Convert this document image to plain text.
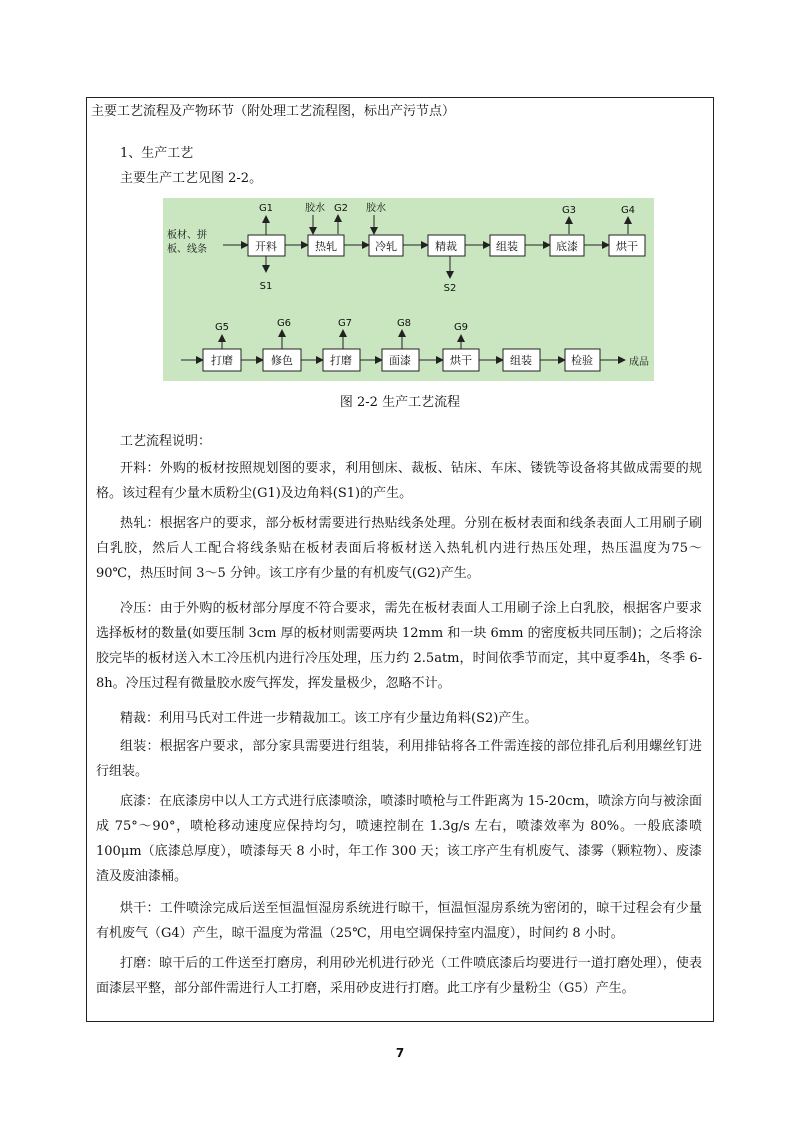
主要工艺流程及产物环节（附处理工艺流程图，标出产污节点）
1、生产工艺
主要生产工艺见图 2-2。
开料	热轧	冷轧	精裁	组装	底漆	烘干
打磨	修色	打磨	面漆	烘干	组装	检验
板材、拼
板、线条
成品
G1
S1
胶水 G2 胶水
S2
G3	G4
G5	G6	G7	G8	G9
图 2-2 生产工艺流程
工艺流程说明：
开料：外购的板材按照规划图的要求，利用刨床、裁板、钻床、车床、镂铣等设备将其做成需要的规格。该过程有少量木质粉尘(G1)及边角料(S1)的产生。
热轧：根据客户的要求，部分板材需要进行热贴线条处理。分别在板材表面和线条表面人工用刷子刷白乳胶，然后人工配合将线条贴在板材表面后将板材送入热轧机内进行热压处理，热压温度为75～90℃，热压时间 3～5 分钟。该工序有少量的有机废气(G2)产生。
冷压：由于外购的板材部分厚度不符合要求，需先在板材表面人工用刷子涂上白乳胶，根据客户要求选择板材的数量(如要压制 3cm 厚的板材则需要两块 12mm 和一块 6mm 的密度板共同压制)；之后将涂胶完毕的板材送入木工冷压机内进行冷压处理，压力约 2.5atm，时间依季节而定，其中夏季4h，冬季 6-8h。冷压过程有微量胶水废气挥发，挥发量极少，忽略不计。
精裁：利用马氏对工件进一步精裁加工。该工序有少量边角料(S2)产生。
组装：根据客户要求，部分家具需要进行组装，利用排钻将各工件需连接的部位排孔后利用螺丝钉进行组装。
底漆：在底漆房中以人工方式进行底漆喷涂，喷漆时喷枪与工件距离为 15-20cm，喷涂方向与被涂面成 75°～90°，喷枪移动速度应保持均匀，喷速控制在 1.3g/s 左右，喷漆效率为 80%。一般底漆喷 100μm（底漆总厚度），喷漆每天 8 小时，年工作 300 天；该工序产生有机废气、漆雾（颗粒物）、废漆渣及废油漆桶。
烘干：工件喷涂完成后送至恒温恒湿房系统进行晾干，恒温恒湿房系统为密闭的，晾干过程会有少量有机废气（G4）产生，晾干温度为常温（25℃，用电空调保持室内温度），时间约 8 小时。
打磨：晾干后的工件送至打磨房，利用砂光机进行砂光（工件喷底漆后均要进行一道打磨处理），使表面漆层平整，部分部件需进行人工打磨，采用砂皮进行打磨。此工序有少量粉尘（G5）产生。
7
